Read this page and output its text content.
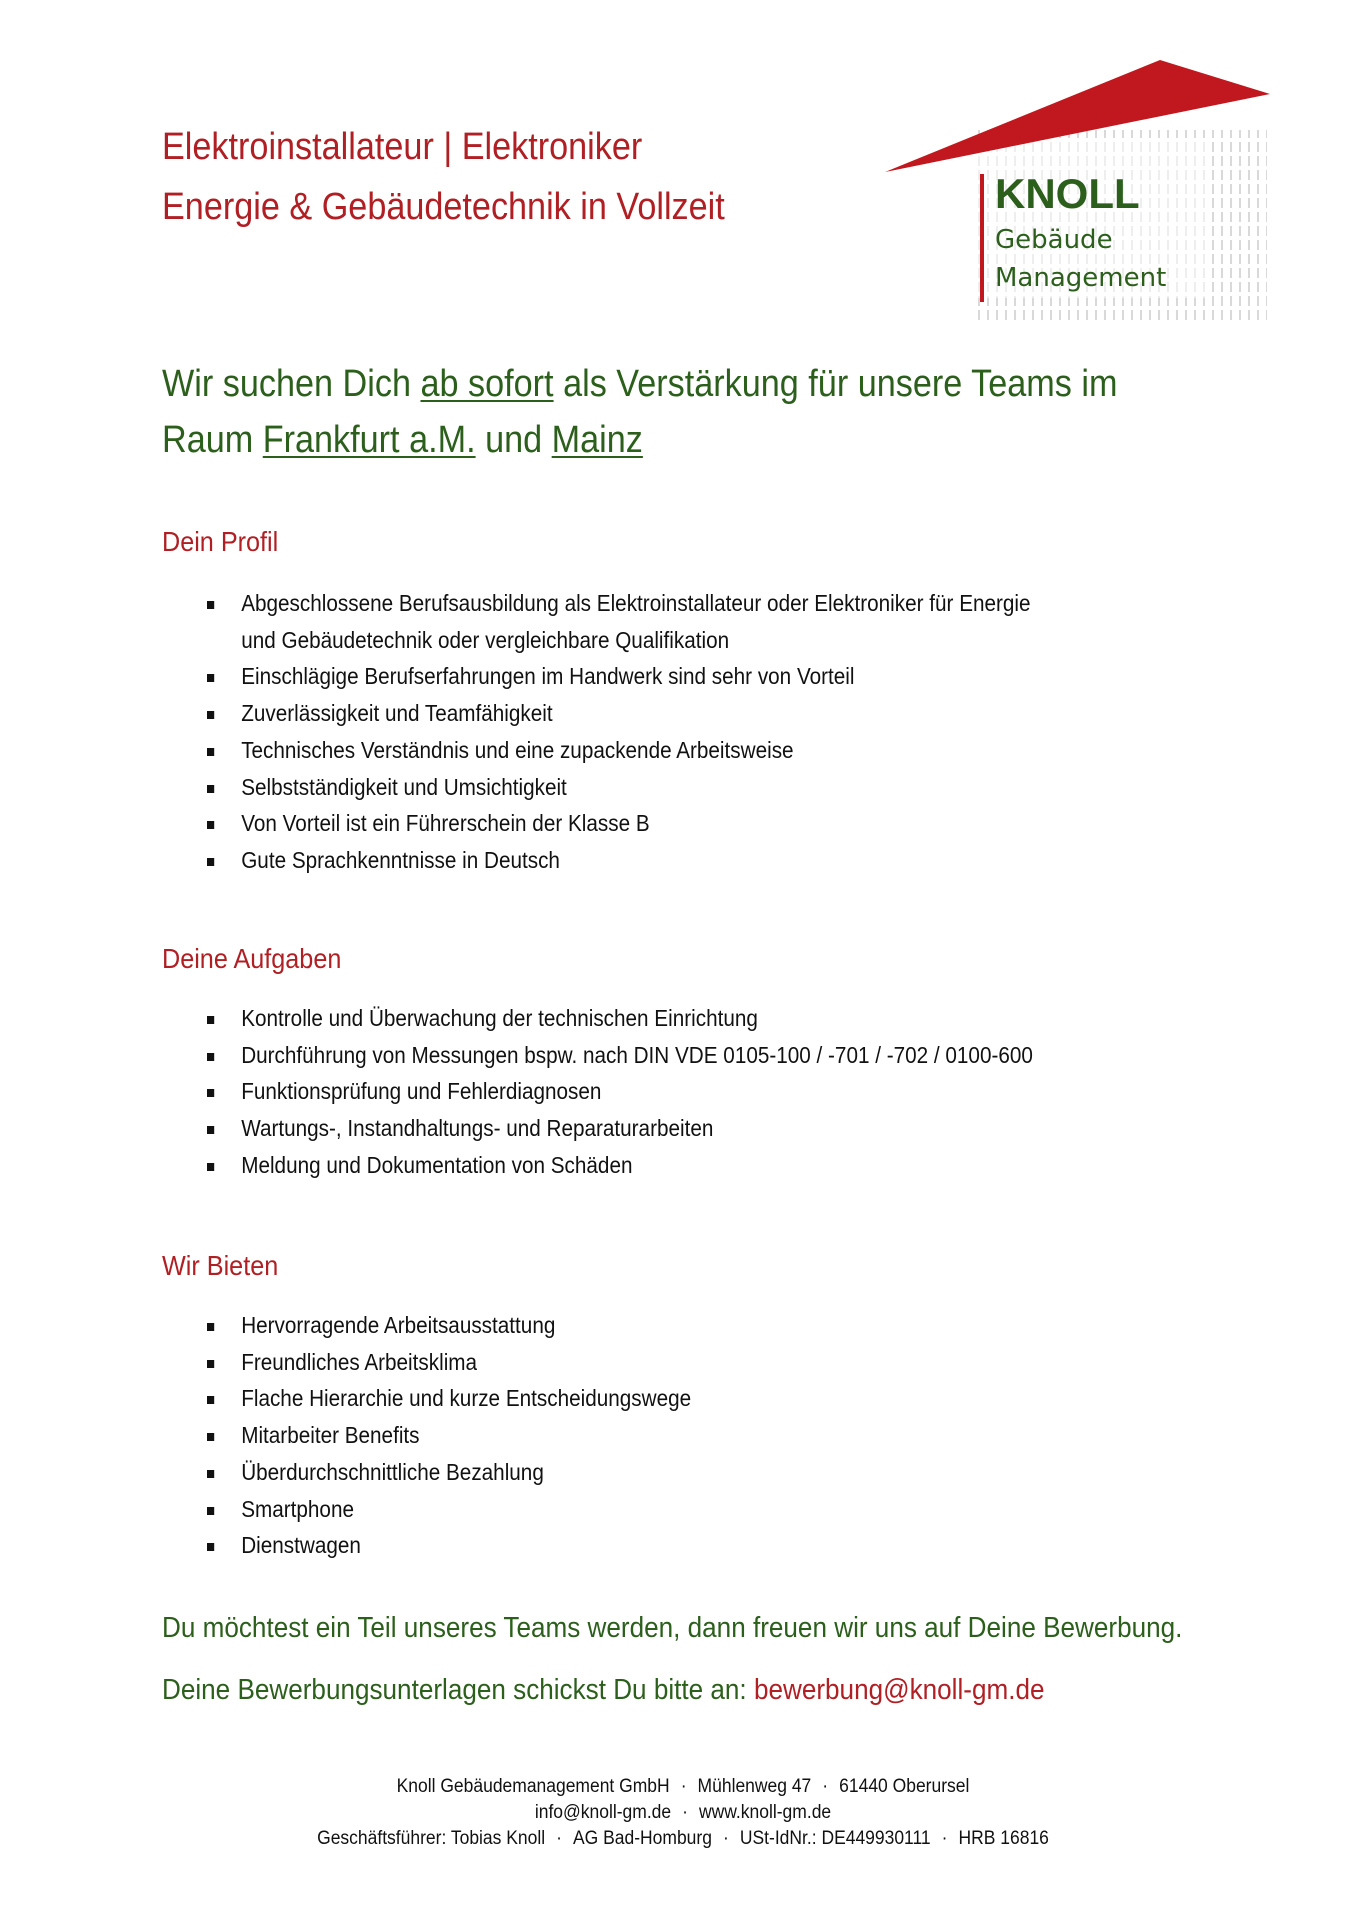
Elektroinstallateur | Elektroniker
Energie & Gebäudetechnik in Vollzeit	KNOLL
Gebäude
Management
Wir suchen Dich ab sofort als Verstärkung für unsere Teams im
Raum Frankfurt a.M. und Mainz
Dein Profil
Abgeschlossene Berufsausbildung als Elektroinstallateur oder Elektroniker für Energie und Gebäudetechnik oder vergleichbare Qualifikation
Einschlägige Berufserfahrungen im Handwerk sind sehr von Vorteil
Zuverlässigkeit und Teamfähigkeit
Technisches Verständnis und eine zupackende Arbeitsweise
Selbstständigkeit und Umsichtigkeit
Von Vorteil ist ein Führerschein der Klasse B
Gute Sprachkenntnisse in Deutsch
Deine Aufgaben
Kontrolle und Überwachung der technischen Einrichtung
Durchführung von Messungen bspw. nach DIN VDE 0105-100 / -701 / -702 / 0100-600
Funktionsprüfung und Fehlerdiagnosen
Wartungs-, Instandhaltungs- und Reparaturarbeiten
Meldung und Dokumentation von Schäden
Wir Bieten
Hervorragende Arbeitsausstattung
Freundliches Arbeitsklima
Flache Hierarchie und kurze Entscheidungswege
Mitarbeiter Benefits
Überdurchschnittliche Bezahlung
Smartphone
Dienstwagen
Du möchtest ein Teil unseres Teams werden, dann freuen wir uns auf Deine Bewerbung.
Deine Bewerbungsunterlagen schickst Du bitte an: bewerbung@knoll-gm.de
Knoll Gebäudemanagement GmbH · Mühlenweg 47 · 61440 Oberursel
info@knoll-gm.de · www.knoll-gm.de
Geschäftsführer: Tobias Knoll · AG Bad-Homburg · USt-IdNr.: DE449930111 · HRB 16816
